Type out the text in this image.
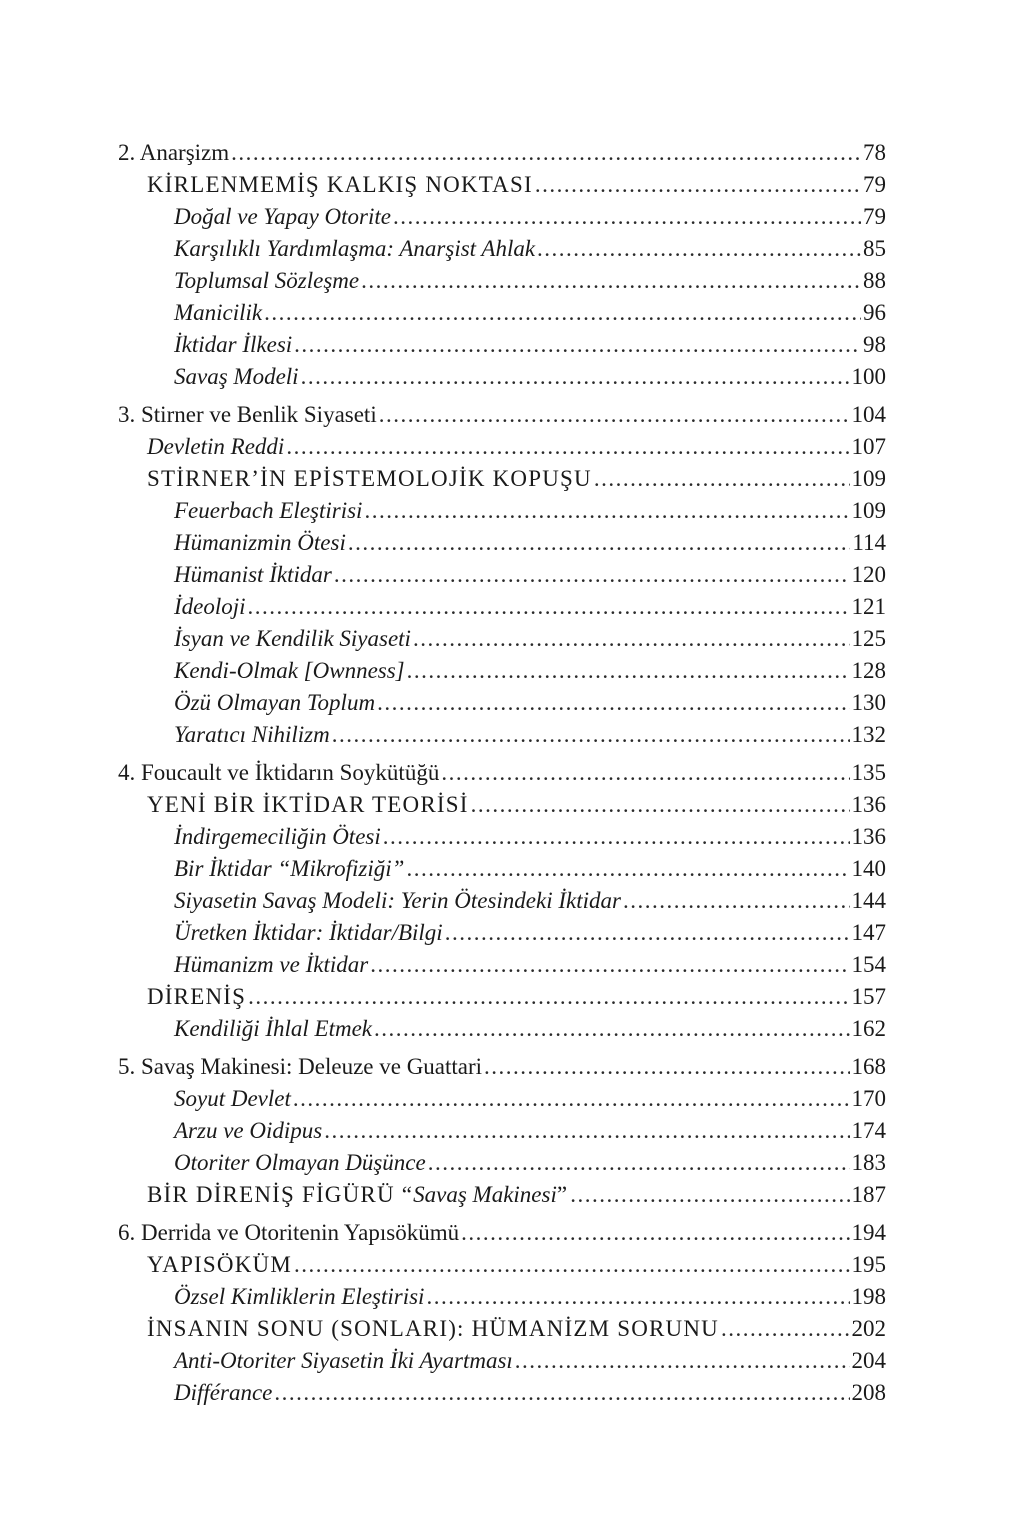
2. Anarşizm .....	78
KİRLENMEMİŞ KALKIŞ NOKTASI .....	79
Doğal ve Yapay Otorite .....	79
Karşılıklı Yardımlaşma: Anarşist Ahlak .....	85
Toplumsal Sözleşme .....	88
Manicilik .....	96
İktidar İlkesi .....	98
Savaş Modeli .....	100
3. Stirner ve Benlik Siyaseti .....	104
Devletin Reddi .....	107
STİRNER’İN EPİSTEMOLOJİK KOPUŞU .....	109
Feuerbach Eleştirisi .....	109
Hümanizmin Ötesi .....	114
Hümanist İktidar .....	120
İdeoloji .....	121
İsyan ve Kendilik Siyaseti .....	125
Kendi-Olmak [Ownness] .....	128
Özü Olmayan Toplum .....	130
Yaratıcı Nihilizm .....	132
4. Foucault ve İktidarın Soykütüğü .....	135
YENİ BİR İKTİDAR TEORİSİ .....	136
İndirgemeciliğin Ötesi .....	136
Bir İktidar “Mikrofiziği” .....	140
Siyasetin Savaş Modeli: Yerin Ötesindeki İktidar .....	144
Üretken İktidar: İktidar/Bilgi .....	147
Hümanizm ve İktidar .....	154
DİRENİŞ .....	157
Kendiliği İhlal Etmek .....	162
5. Savaş Makinesi: Deleuze ve Guattari .....	168
Soyut Devlet .....	170
Arzu ve Oidipus .....	174
Otoriter Olmayan Düşünce .....	183
BİR DİRENİŞ FİGÜRÜ “Savaş Makinesi” .....	187
6. Derrida ve Otoritenin Yapısökümü .....	194
YAPISÖKÜM .....	195
Özsel Kimliklerin Eleştirisi .....	198
İNSANIN SONU (SONLARI): HÜMANİZM SORUNU .....	202
Anti-Otoriter Siyasetin İki Ayartması .....	204
Différance .....	208
